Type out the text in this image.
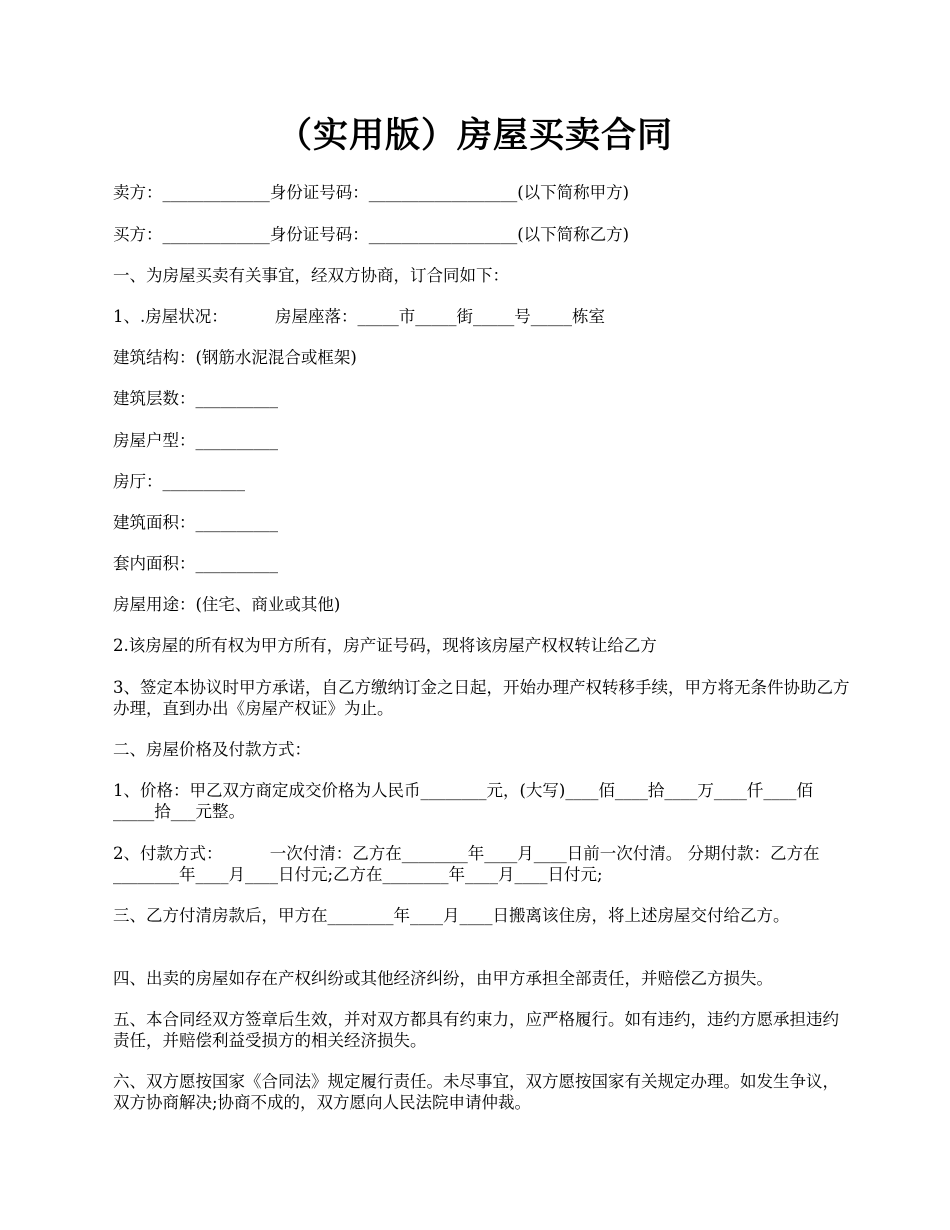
（实用版）房屋买卖合同
卖方：_____________身份证号码：__________________(以下简称甲方)
买方：_____________身份证号码：__________________(以下简称乙方)
一、为房屋买卖有关事宜，经双方协商，订合同如下：
1、.房屋状况：         房屋座落：_____市_____街_____号_____栋室
建筑结构：(钢筋水泥混合或框架)
建筑层数：__________
房屋户型：__________
房厅：__________
建筑面积：__________
套内面积：__________
房屋用途：(住宅、商业或其他)
2.该房屋的所有权为甲方所有，房产证号码，现将该房屋产权权转让给乙方
3、签定本协议时甲方承诺，自乙方缴纳订金之日起，开始办理产权转移手续，甲方将无条件协助乙方办理，直到办出《房屋产权证》为止。
二、房屋价格及付款方式：
1、价格：甲乙双方商定成交价格为人民币________元，(大写)____佰____拾____万____仟____佰_____拾___元整。
2、付款方式：         一次付清：乙方在________年____月____日前一次付清。 分期付款：乙方在________年____月____日付元;乙方在________年____月____日付元;
三、乙方付清房款后，甲方在________年____月____日搬离该住房，将上述房屋交付给乙方。
四、出卖的房屋如存在产权纠纷或其他经济纠纷，由甲方承担全部责任，并赔偿乙方损失。
五、本合同经双方签章后生效，并对双方都具有约束力，应严格履行。如有违约，违约方愿承担违约责任，并赔偿利益受损方的相关经济损失。
六、双方愿按国家《合同法》规定履行责任。未尽事宜，双方愿按国家有关规定办理。如发生争议，双方协商解决;协商不成的，双方愿向人民法院申请仲裁。
